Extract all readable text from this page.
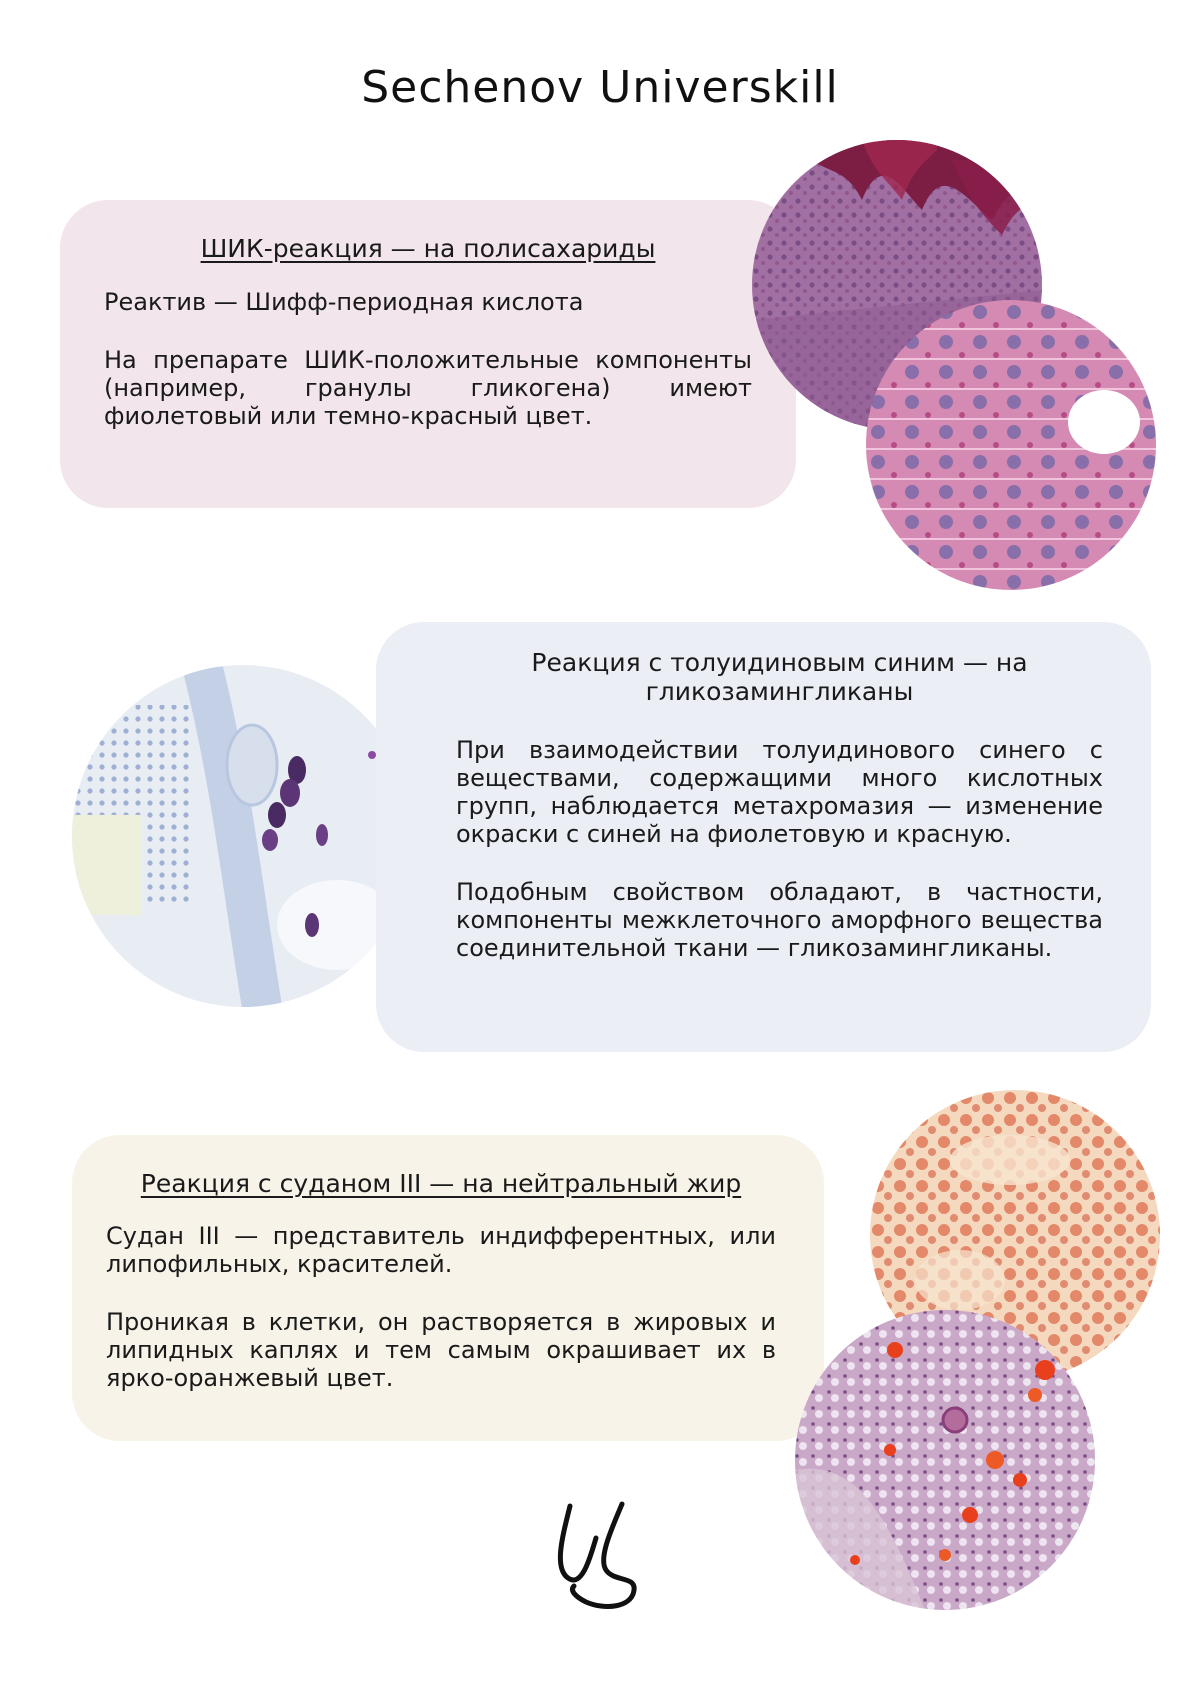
Sechenov Universkill
ШИК-реакция — на полисахариды

Реактив — Шифф-периодная кислота

На препарате ШИК-положительные компоненты (например, гранулы гликогена) имеют фиолетовый или темно-красный цвет.

Реакция с толуидиновым синим — на гликозамингликаны

При взаимодействии толуидинового синего с веществами, содержащими много кислотных групп, наблюдается метахромазия — изменение окраски с синей на фиолетовую и красную.

Подобным свойством обладают, в частности, компоненты межклеточного аморфного вещества соединительной ткани — гликозамингликаны.

Реакция с суданом III — на нейтральный жир

Судан III — представитель индифферентных, или липофильных, красителей.

Проникая в клетки, он растворяется в жировых и липидных каплях и тем самым окрашивает их в ярко-оранжевый цвет.
